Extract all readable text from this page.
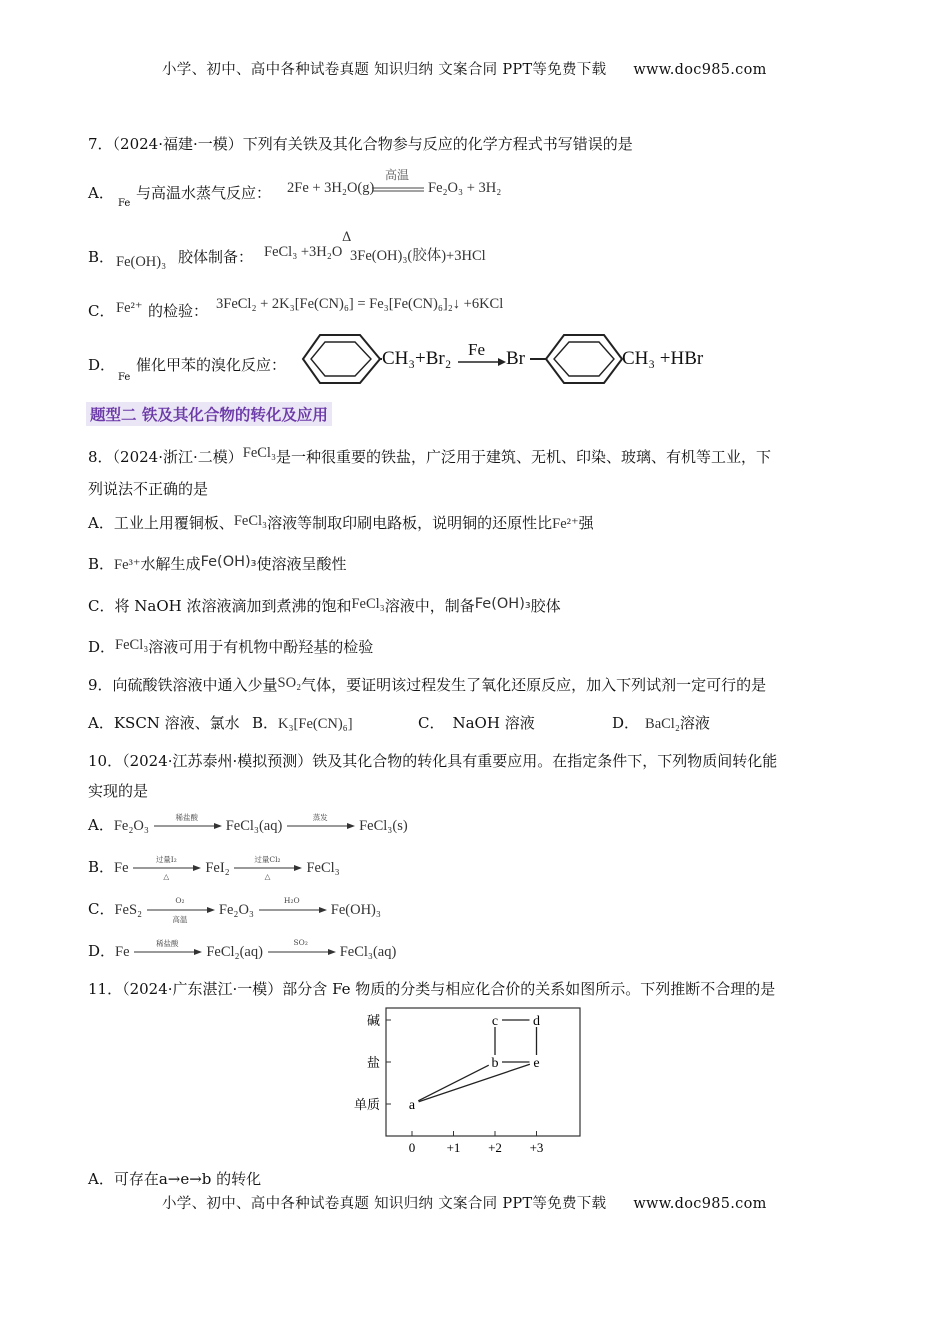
小学、初中、高中各种试卷真题 知识归纳 文案合同 PPT等免费下载 www.doc985.com
7．（2024·福建·一模）下列有关铁及其化合物参与反应的化学方程式书写错误的是
A．
Fe
与高温水蒸气反应： 2Fe + 3H₂O(g)
高温
Fe₂O₃ + 3H₂
B． Fe(OH)₃ 胶体制备： FeCl₃ +3H₂O
Δ
3Fe(OH)₃(胶体)+3HCl
C． Fe²⁺ 的检验： 3FeCl₂ + 2K₃[Fe(CN)₆] = Fe₃[Fe(CN)₆]₂↓ +6KCl
D．
Fe
催化甲苯的溴化反应：	CH₃+Br₂ Fe → Br	CH₃ +HBr
题型二 铁及其化合物的转化及应用
8．（2024·浙江·二模）FeCl₃是一种很重要的铁盐，广泛用于建筑、无机、印染、玻璃、有机等工业，下
列说法不正确的是
A．工业上用覆铜板、FeCl₃溶液等制取印刷电路板，说明铜的还原性比Fe²⁺强
B．Fe³⁺水解生成Fe(OH)₃使溶液呈酸性
C．将 NaOH 浓溶液滴加到煮沸的饱和FeCl₃溶液中，制备Fe(OH)₃胶体
D．FeCl₃溶液可用于有机物中酚羟基的检验
9．向硫酸铁溶液中通入少量SO₂气体，要证明该过程发生了氧化还原反应，加入下列试剂一定可行的是
A．KSCN 溶液、氯水 B．K₃[Fe(CN)₆]	C． NaOH 溶液	D． BaCl₂溶液
10．（2024·江苏泰州·模拟预测）铁及其化合物的转化具有重要应用。在指定条件下，下列物质间转化能
实现的是
A．Fe₂O₃
稀盐酸
FeCl₃(aq)
蒸发
FeCl₃(s)
B．Fe
过量I₂
△
FeI₂
过量Cl₂
△
FeCl₃
C．FeS₂
O₂
高温
Fe₂O₃
H₂O
Fe(OH)₃
D．Fe
稀盐酸
FeCl₂(aq)
SO₂
FeCl₃(aq)
11．（2024·广东湛江·一模）部分含 Fe 物质的分类与相应化合价的关系如图所示。下列推断不合理的是
a
b e
c d
单质
盐
碱
0 +1 +2 +3
A．可存在a→e→b 的转化
小学、初中、高中各种试卷真题 知识归纳 文案合同 PPT等免费下载 www.doc985.com
